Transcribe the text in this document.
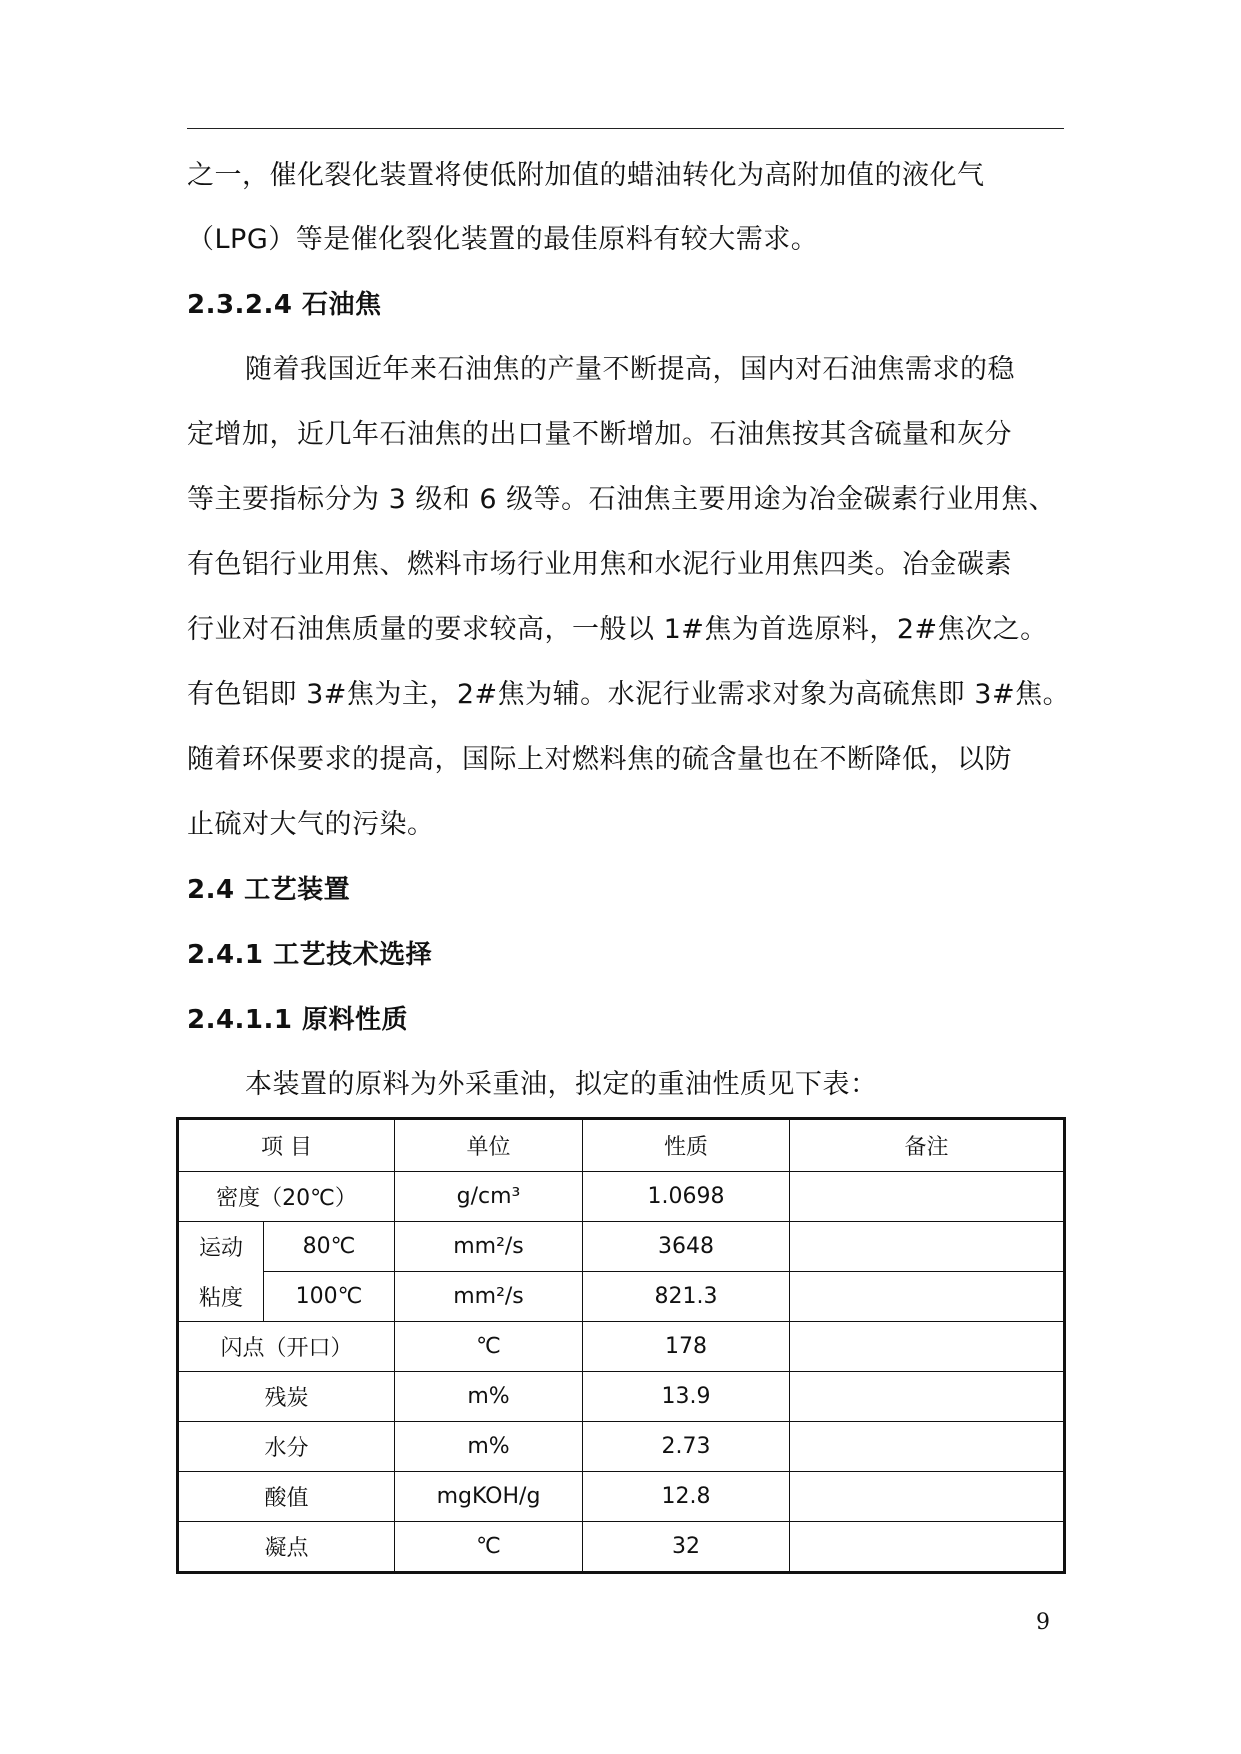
之一，催化裂化装置将使低附加值的蜡油转化为高附加值的液化气
（LPG）等是催化裂化装置的最佳原料有较大需求。
2.3.2.4 石油焦
随着我国近年来石油焦的产量不断提高，国内对石油焦需求的稳
定增加，近几年石油焦的出口量不断增加。石油焦按其含硫量和灰分
等主要指标分为 3 级和 6 级等。石油焦主要用途为冶金碳素行业用焦、
有色铝行业用焦、燃料市场行业用焦和水泥行业用焦四类。冶金碳素
行业对石油焦质量的要求较高，一般以 1#焦为首选原料，2#焦次之。
有色铝即 3#焦为主，2#焦为辅。水泥行业需求对象为高硫焦即 3#焦。
随着环保要求的提高，国际上对燃料焦的硫含量也在不断降低，以防
止硫对大气的污染。
2.4 工艺装置
2.4.1 工艺技术选择
2.4.1.1 原料性质
本装置的原料为外采重油，拟定的重油性质见下表：
项 目		单位	性质	备注
密度（20℃）		g/cm³	1.0698	
运动	80℃	mm²/s	3648	
粘度	100℃	mm²/s	821.3	
闪点（开口）		℃	178	
残炭		m%	13.9	
水分		m%	2.73	
酸值		mgKOH/g	12.8	
凝点		℃	32	
9
